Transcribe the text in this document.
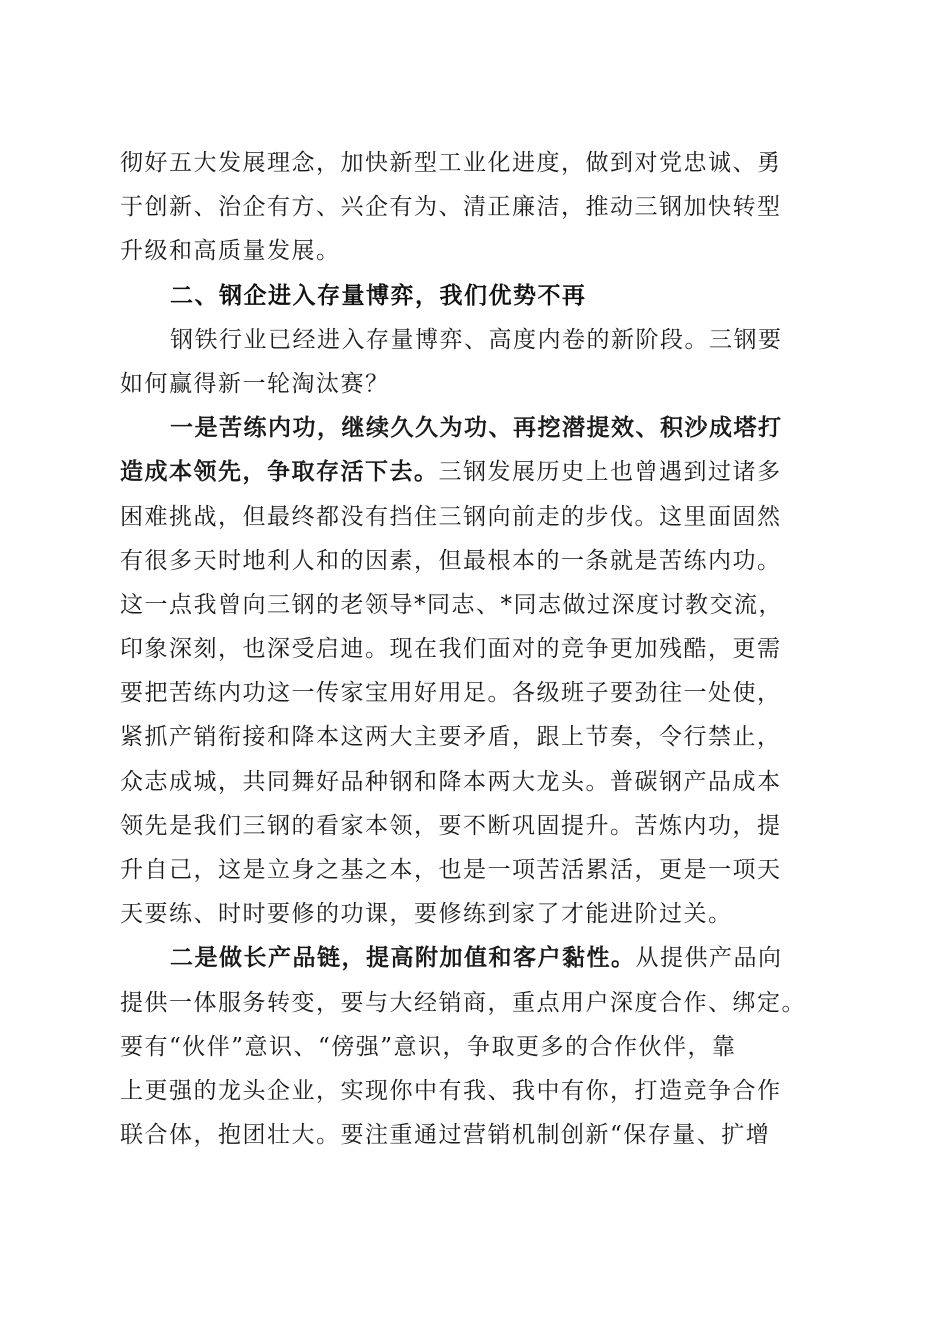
彻好五大发展理念，加快新型工业化进度，做到对党忠诚、勇
于创新、治企有方、兴企有为、清正廉洁，推动三钢加快转型
升级和高质量发展。
二、钢企进入存量博弈，我们优势不再
钢铁行业已经进入存量博弈、高度内卷的新阶段。三钢要
如何赢得新一轮淘汰赛？
一是苦练内功，继续久久为功、再挖潜提效、积沙成塔打
造成本领先，争取存活下去。三钢发展历史上也曾遇到过诸多
困难挑战，但最终都没有挡住三钢向前走的步伐。这里面固然
有很多天时地利人和的因素，但最根本的一条就是苦练内功。
这一点我曾向三钢的老领导*同志、*同志做过深度讨教交流，
印象深刻，也深受启迪。现在我们面对的竞争更加残酷，更需
要把苦练内功这一传家宝用好用足。各级班子要劲往一处使，
紧抓产销衔接和降本这两大主要矛盾，跟上节奏，令行禁止，
众志成城，共同舞好品种钢和降本两大龙头。普碳钢产品成本
领先是我们三钢的看家本领，要不断巩固提升。苦炼内功，提
升自己，这是立身之基之本，也是一项苦活累活，更是一项天
天要练、时时要修的功课，要修练到家了才能进阶过关。
二是做长产品链，提高附加值和客户黏性。从提供产品向
提供一体服务转变，要与大经销商，重点用户深度合作、绑定。
要有“伙伴”意识、“傍强”意识，争取更多的合作伙伴，靠
上更强的龙头企业，实现你中有我、我中有你，打造竞争合作
联合体，抱团壮大。要注重通过营销机制创新“保存量、扩增
